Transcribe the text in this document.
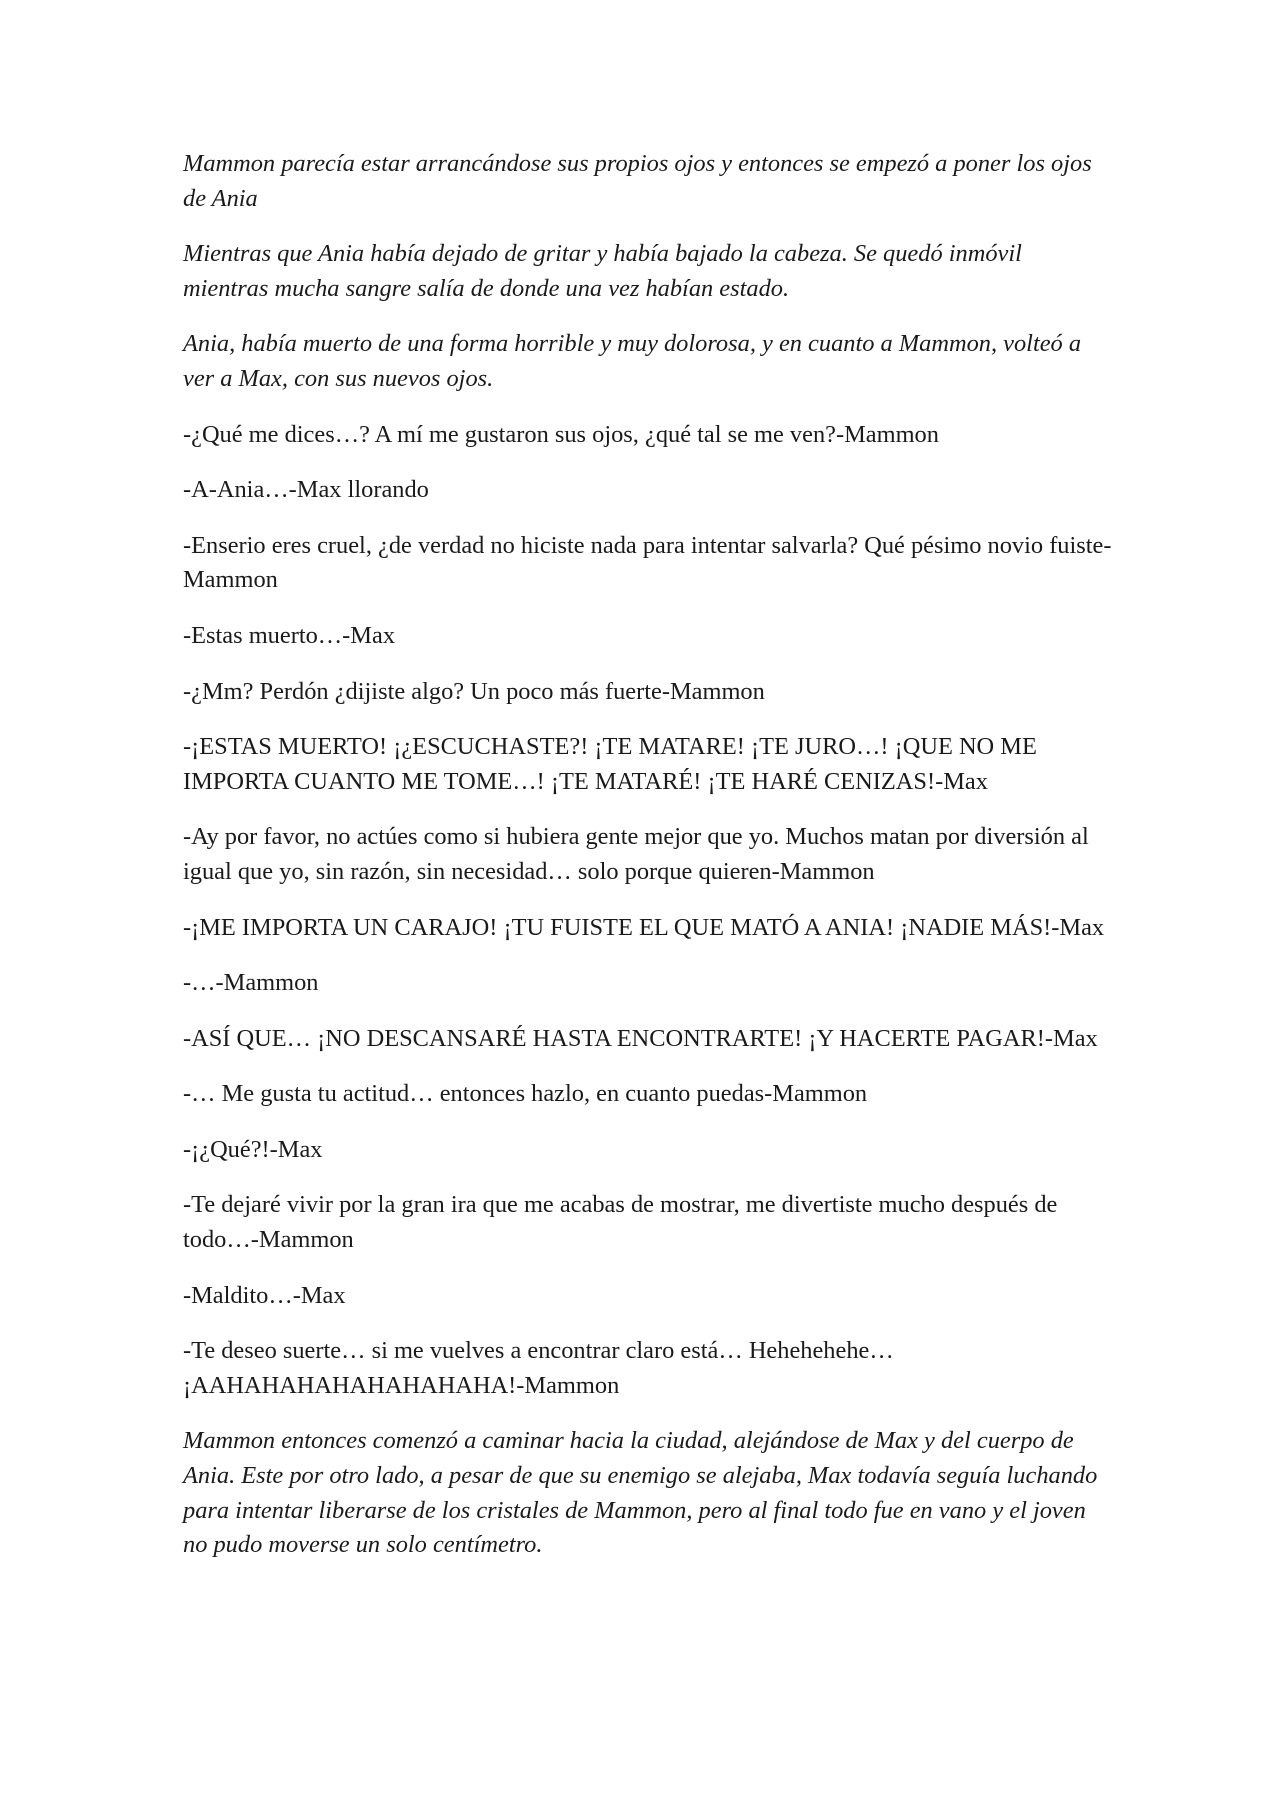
Mammon parecía estar arrancándose sus propios ojos y entonces se empezó a poner los ojos de Ania

Mientras que Ania había dejado de gritar y había bajado la cabeza. Se quedó inmóvil mientras mucha sangre salía de donde una vez habían estado.

Ania, había muerto de una forma horrible y muy dolorosa, y en cuanto a Mammon, volteó a ver a Max, con sus nuevos ojos.

-¿Qué me dices…? A mí me gustaron sus ojos, ¿qué tal se me ven?-Mammon

-A-Ania…-Max llorando

-Enserio eres cruel, ¿de verdad no hiciste nada para intentar salvarla? Qué pésimo novio fuiste-Mammon

-Estas muerto…-Max

-¿Mm? Perdón ¿dijiste algo? Un poco más fuerte-Mammon

-¡ESTAS MUERTO! ¡¿ESCUCHASTE?! ¡TE MATARE! ¡TE JURO…! ¡QUE NO ME IMPORTA CUANTO ME TOME…! ¡TE MATARÉ! ¡TE HARÉ CENIZAS!-Max

-Ay por favor, no actúes como si hubiera gente mejor que yo. Muchos matan por diversión al igual que yo, sin razón, sin necesidad… solo porque quieren-Mammon

-¡ME IMPORTA UN CARAJO! ¡TU FUISTE EL QUE MATÓ A ANIA! ¡NADIE MÁS!-Max

-…-Mammon

-ASÍ QUE… ¡NO DESCANSARÉ HASTA ENCONTRARTE! ¡Y HACERTE PAGAR!-Max

-… Me gusta tu actitud… entonces hazlo, en cuanto puedas-Mammon

-¡¿Qué?!-Max

-Te dejaré vivir por la gran ira que me acabas de mostrar, me divertiste mucho después de todo…-Mammon

-Maldito…-Max

-Te deseo suerte… si me vuelves a encontrar claro está… Hehehehehe… ¡AAHAHAHAHAHAHAHAHA!-Mammon

Mammon entonces comenzó a caminar hacia la ciudad, alejándose de Max y del cuerpo de Ania. Este por otro lado, a pesar de que su enemigo se alejaba, Max todavía seguía luchando para intentar liberarse de los cristales de Mammon, pero al final todo fue en vano y el joven no pudo moverse un solo centímetro.
